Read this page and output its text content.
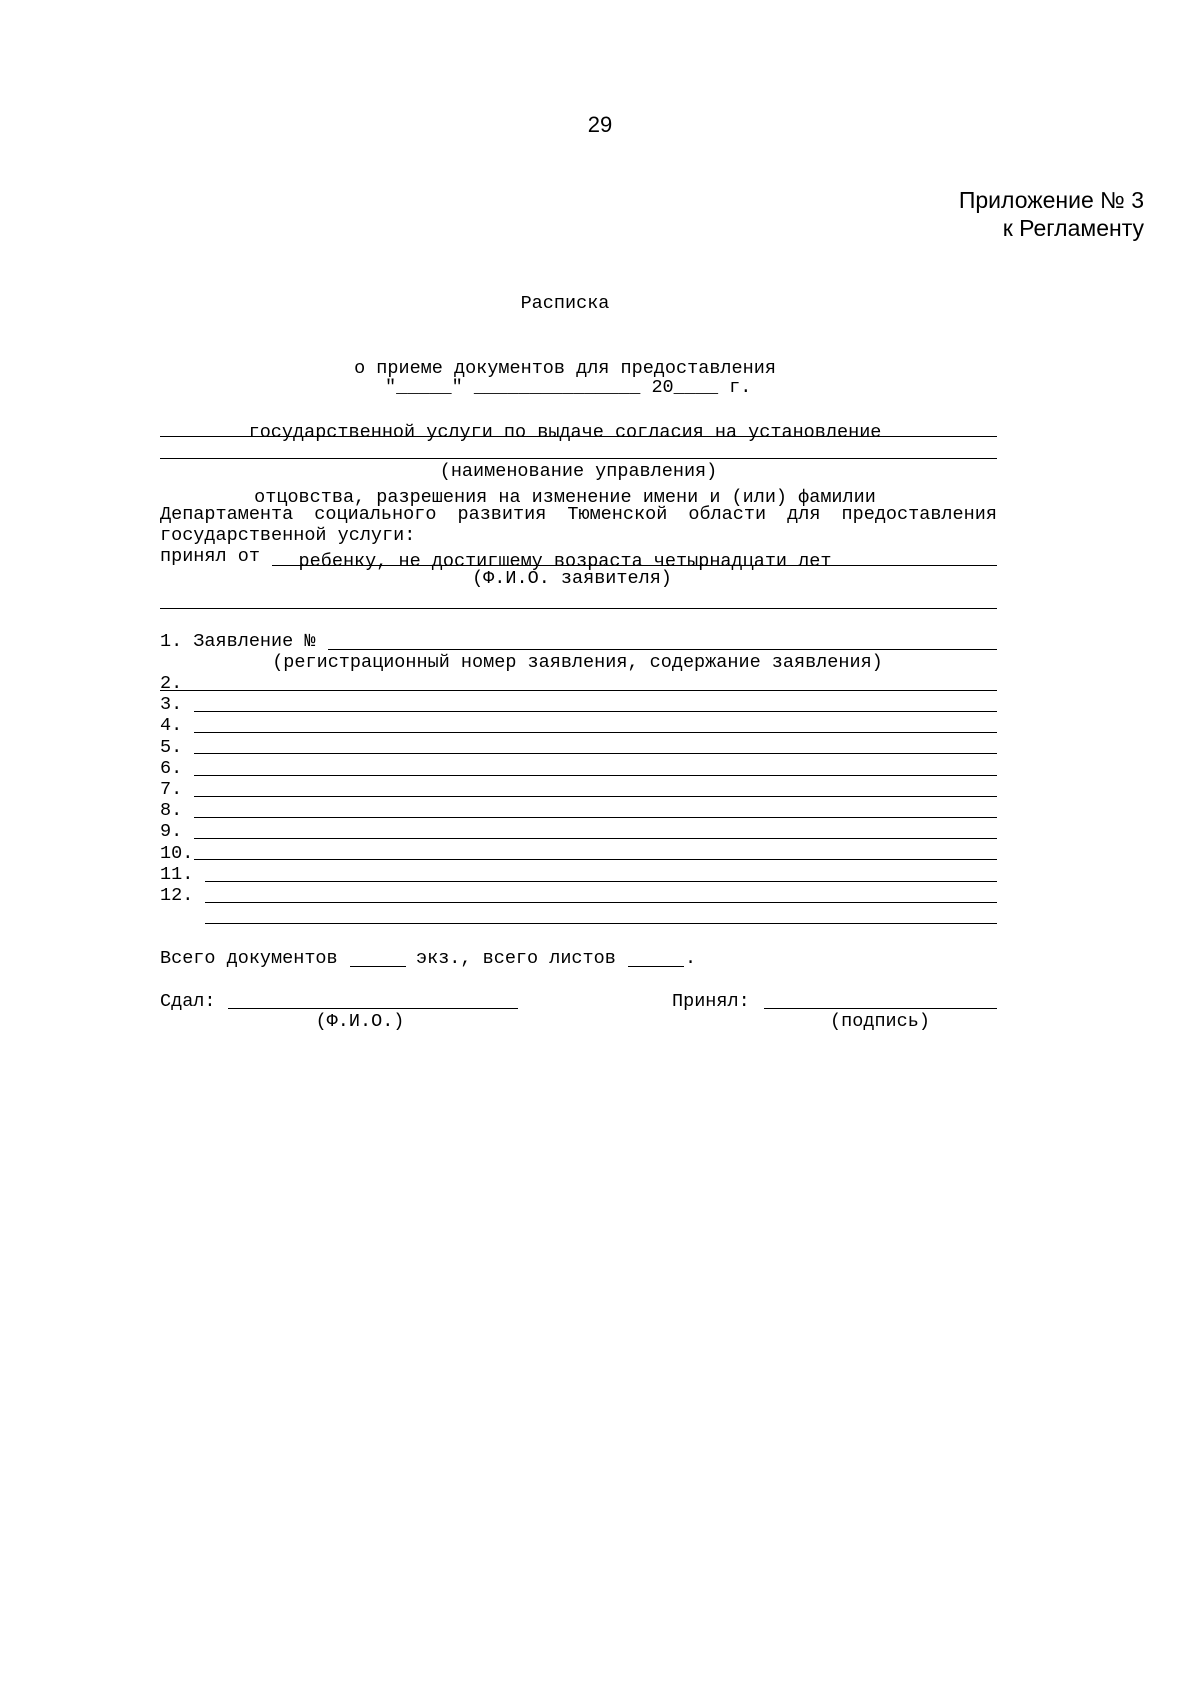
29
Приложение № 3
к Регламенту

Расписка

о приеме документов для предоставления

государственной услуги по выдаче согласия на установление

отцовства, разрешения на изменение имени и (или) фамилии

ребенку, не достигшему возраста четырнадцати лет

"_____" _______________ 20____ г.
(наименование управления)
Департамента социального развития Тюменской области для предоставления
государственной услуги:
принял от
(Ф.И.О. заявителя)
1. Заявление №
(регистрационный номер заявления, содержание заявления)
2.
3.
4.
5.
6.
7.
8.
9.
10.
11.
12.
Всего документов	экз., всего листов	.
Сдал:
(Ф.И.О.)
Принял:
(подпись)
